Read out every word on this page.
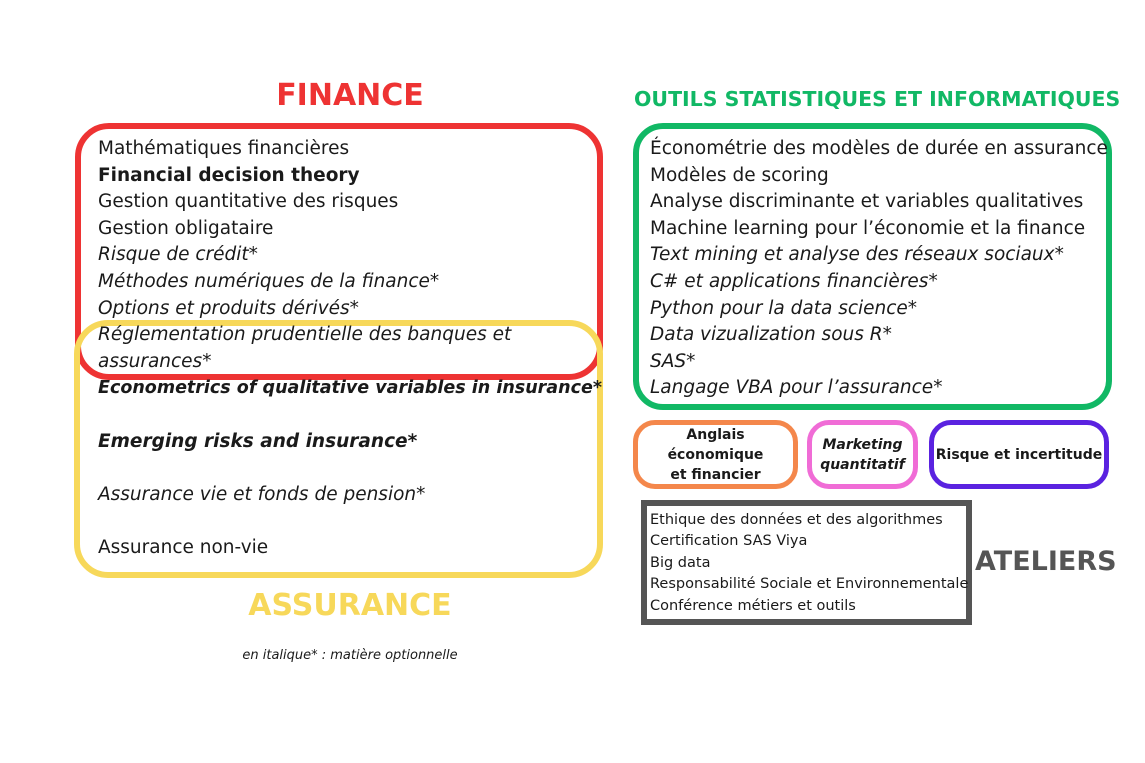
FINANCE
Mathématiques financières
Financial decision theory
Gestion quantitative des risques
Gestion obligataire
Risque de crédit*
Méthodes numériques de la finance*
Options et produits dérivés*
Réglementation prudentielle des banques et
assurances*
Econometrics of qualitative variables in insurance*
Emerging risks and insurance*
Assurance vie et fonds de pension*
Assurance non-vie
ASSURANCE
en italique* : matière optionnelle
OUTILS STATISTIQUES ET INFORMATIQUES
Économétrie des modèles de durée en assurance
Modèles de scoring
Analyse discriminante et variables qualitatives
Machine learning pour l’économie et la finance
Text mining et analyse des réseaux sociaux*
C# et applications financières*
Python pour la data science*
Data vizualization sous R*
SAS*
Langage VBA pour l’assurance*
Anglais économique
et financier
Marketing
quantitatif
Risque et incertitude
Ethique des données et des algorithmes
Certification SAS Viya
Big data
Responsabilité Sociale et Environnementale
Conférence métiers et outils
ATELIERS
